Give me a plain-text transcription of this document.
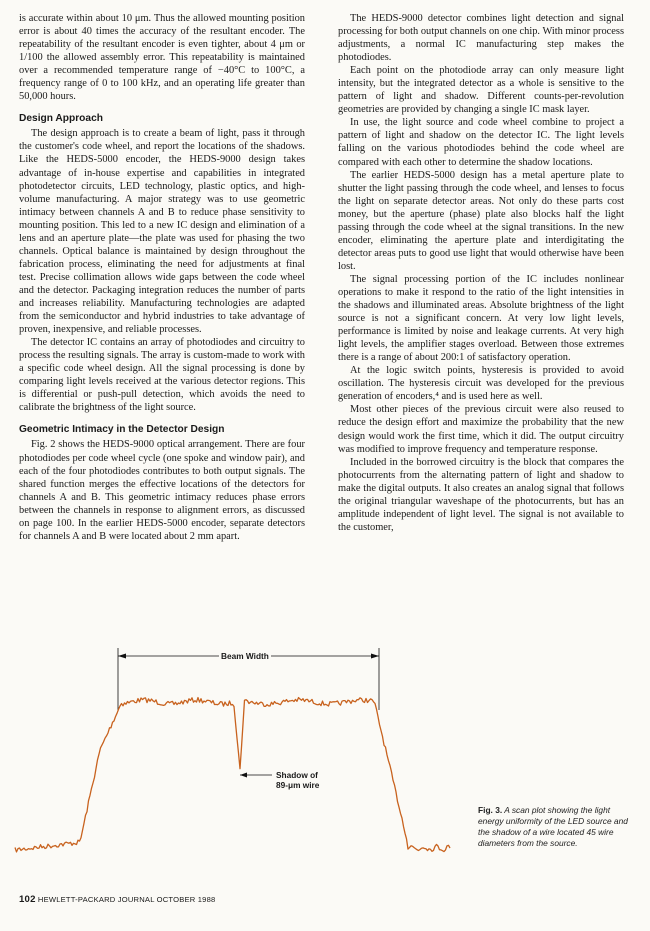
is accurate within about 10 μm. Thus the allowed mounting position error is about 40 times the accuracy of the resultant encoder. The repeatability of the resultant encoder is even tighter, about 4 μm or 1/100 the allowed assembly error. This repeatability is maintained over a recommended temperature range of −40°C to 100°C, a frequency range of 0 to 100 kHz, and an operating life greater than 50,000 hours.

Design Approach

The design approach is to create a beam of light, pass it through the customer's code wheel, and report the locations of the shadows. Like the HEDS-5000 encoder, the HEDS-9000 design takes advantage of in-house expertise and capabilities in integrated photodetector circuits, LED technology, plastic optics, and high-volume manufacturing. A major strategy was to use geometric intimacy between channels A and B to reduce phase sensitivity to mounting position. This led to a new IC design and elimination of a lens and an aperture plate—the plate was used for phasing the two channels. Optical balance is maintained by design throughout the fabrication process, eliminating the need for adjustments at final test. Precise collimation allows wide gaps between the code wheel and the detector. Packaging integration reduces the number of parts and increases reliability. Manufacturing technologies are adapted from the semiconductor and hybrid industries to take advantage of proven, inexpensive, and reliable processes.

The detector IC contains an array of photodiodes and circuitry to process the resulting signals. The array is custom-made to work with a specific code wheel design. All the signal processing is done by comparing light levels received at the various detector regions. This is differential or push-pull detection, which avoids the need to calibrate the brightness of the light source.

Geometric Intimacy in the Detector Design

Fig. 2 shows the HEDS-9000 optical arrangement. There are four photodiodes per code wheel cycle (one spoke and window pair), and each of the four photodiodes contributes to both output signals. The shared function merges the effective locations of the detectors for channels A and B. This geometric intimacy reduces phase errors between the channels in response to alignment errors, as discussed on page 100. In the earlier HEDS-5000 encoder, separate detectors for channels A and B were located about 2 mm apart.

The HEDS-9000 detector combines light detection and signal processing for both output channels on one chip. With minor process adjustments, a normal IC manufacturing step makes the photodiodes.

Each point on the photodiode array can only measure light intensity, but the integrated detector as a whole is sensitive to the pattern of light and shadow. Different counts-per-revolution geometries are provided by changing a single IC mask layer.

In use, the light source and code wheel combine to project a pattern of light and shadow on the detector IC. The light levels falling on the various photodiodes behind the code wheel are compared with each other to determine the shadow locations.

The earlier HEDS-5000 design has a metal aperture plate to shutter the light passing through the code wheel, and lenses to focus the light on separate detector areas. Not only do these parts cost money, but the aperture (phase) plate also blocks half the light passing through the code wheel at the signal transitions. In the new encoder, eliminating the aperture plate and interdigitating the detector areas puts to good use light that would otherwise have been lost.

The signal processing portion of the IC includes nonlinear operations to make it respond to the ratio of the light intensities in the shadows and illuminated areas. Absolute brightness of the light source is not a significant concern. At very low light levels, performance is limited by noise and leakage currents. At very high light levels, the amplifier stages overload. Between those extremes there is a range of about 200:1 of satisfactory operation.

At the logic switch points, hysteresis is provided to avoid oscillation. The hysteresis circuit was developed for the previous generation of encoders,⁴ and is used here as well.

Most other pieces of the previous circuit were also reused to reduce the design effort and maximize the probability that the new design would work the first time, which it did. The output circuitry was modified to improve frequency and temperature response.

Included in the borrowed circuitry is the block that compares the photocurrents from the alternating pattern of light and shadow to make the digital outputs. It also creates an analog signal that follows the original triangular waveshape of the photocurrents, but has an amplitude independent of light level. The signal is not available to the customer,

Beam Width
Shadow of
89-μm wire
Fig. 3. A scan plot showing the light energy uniformity of the LED source and the shadow of a wire located 45 wire diameters from the source.
102 HEWLETT-PACKARD JOURNAL OCTOBER 1988
